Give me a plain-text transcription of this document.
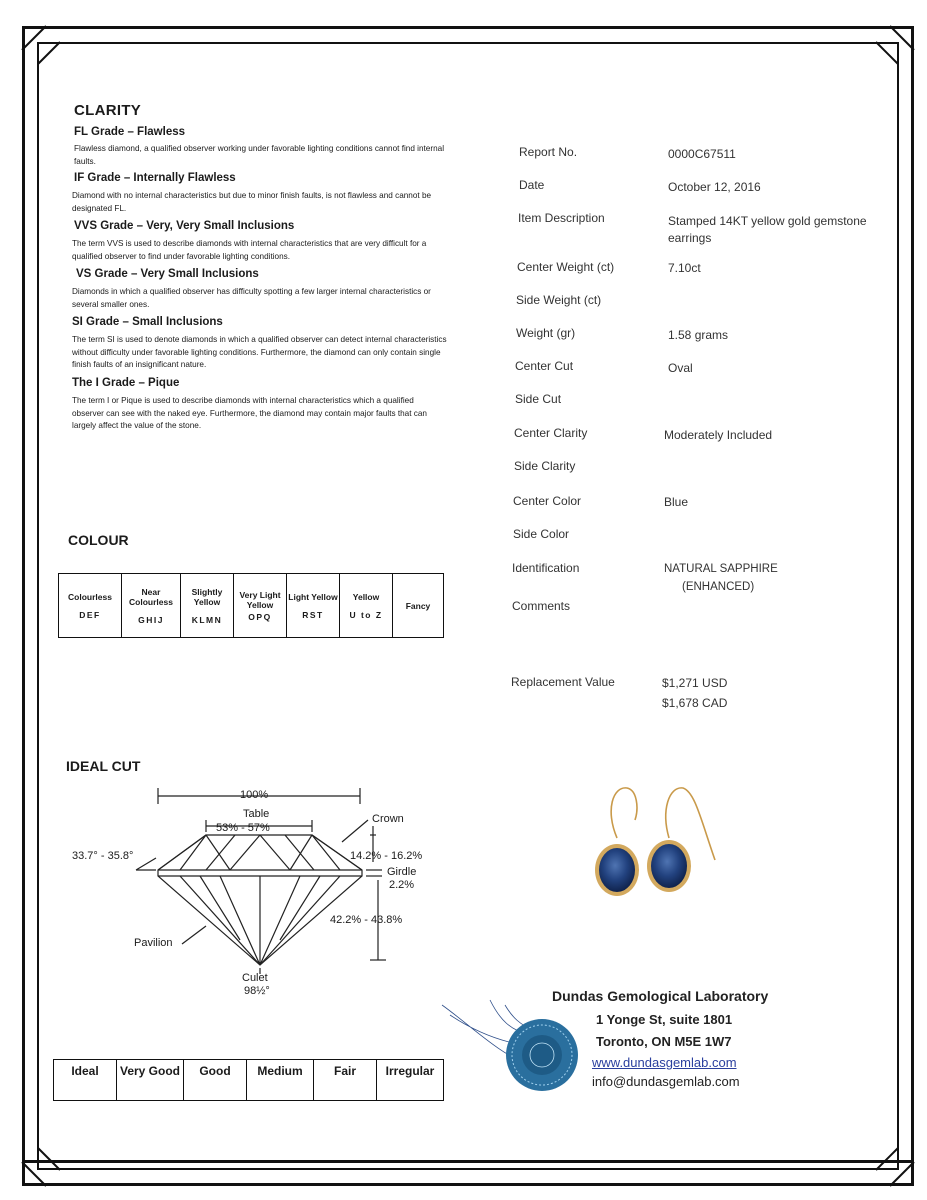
CLARITY
FL Grade – Flawless
Flawless diamond, a qualified observer working under favorable lighting conditions cannot find internal faults.
IF Grade – Internally Flawless
Diamond with no internal characteristics but due to minor finish faults, is not flawless and cannot be designated FL.
VVS Grade – Very, Very Small Inclusions
The term VVS is used to describe diamonds with internal characteristics that are very difficult for a qualified observer to find under favorable lighting conditions.
VS Grade – Very Small Inclusions
Diamonds in which a qualified observer has difficulty spotting a few larger internal characteristics or several smaller ones.
SI Grade – Small Inclusions
The term SI is used to denote diamonds in which a qualified observer can detect internal characteristics without difficulty under favorable lighting conditions. Furthermore, the diamond can only contain single finish faults of an insignificant nature.
The I Grade – Pique
The term I or Pique is used to describe diamonds with internal characteristics which a qualified observer can see with the naked eye. Furthermore, the diamond may contain major faults that can largely affect the value of the stone.
COLOUR
Colourless
DEF

Near Colourless
GHIJ

Slightly Yellow
KLMN

Very Light Yellow
OPQ

Light Yellow
RST

Yellow
U to Z

Fancy
IDEAL CUT
100%
Table
53% - 57%
Crown
33.7° - 35.8°	14.2% - 16.2%
Girdle
2.2%
42.2% - 43.8%
Pavilion
Culet
98½°
Ideal	Very Good	Good	Medium	Fair	Irregular
Report No.	0000C67511
Date	October 12, 2016
Item Description	Stamped 14KT yellow gold gemstone earrings
Center Weight (ct)	7.10ct
Side Weight (ct)
Weight (gr)	1.58 grams
Center Cut	Oval
Side Cut
Center Clarity	Moderately Included
Side Clarity
Center Color	Blue
Side Color
Identification	NATURAL SAPPHIRE
(ENHANCED)
Comments
Replacement Value	$1,271 USD
$1,678 CAD
Dundas Gemological Laboratory
1 Yonge St, suite 1801
Toronto, ON M5E 1W7
www.dundasgemlab.com
info@dundasgemlab.com
